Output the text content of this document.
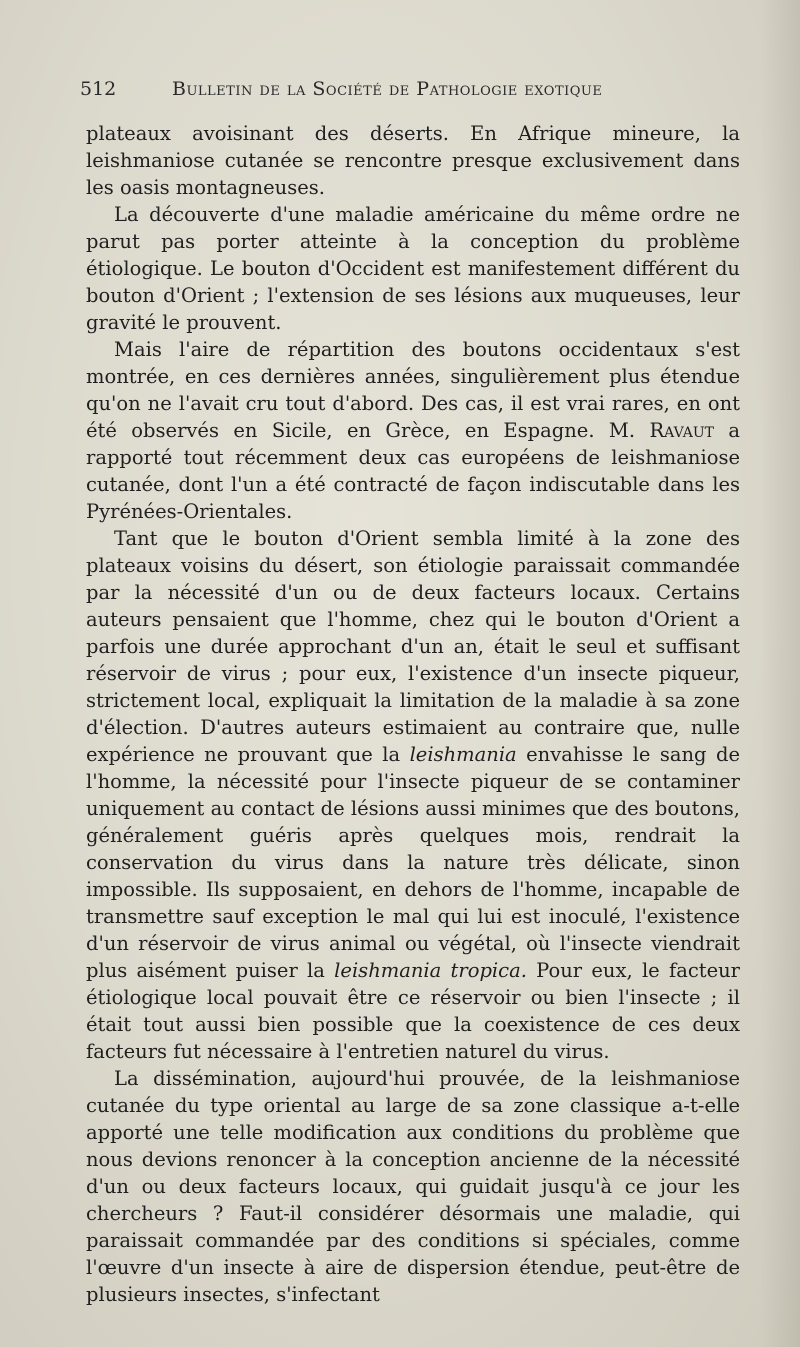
512	Bulletin de la Société de Pathologie exotique

plateaux avoisinant des déserts. En Afrique mineure, la leishmaniose cutanée se rencontre presque exclusivement dans les oasis montagneuses.

La découverte d'une maladie américaine du même ordre ne parut pas porter atteinte à la conception du problème étiologique. Le bouton d'Occident est manifestement différent du bouton d'Orient ; l'extension de ses lésions aux muqueuses, leur gravité le prouvent.

Mais l'aire de répartition des boutons occidentaux s'est montrée, en ces dernières années, singulièrement plus étendue qu'on ne l'avait cru tout d'abord. Des cas, il est vrai rares, en ont été observés en Sicile, en Grèce, en Espagne. M. Ravaut a rapporté tout récemment deux cas européens de leishmaniose cutanée, dont l'un a été contracté de façon indiscutable dans les Pyrénées-Orientales.

Tant que le bouton d'Orient sembla limité à la zone des plateaux voisins du désert, son étiologie paraissait commandée par la nécessité d'un ou de deux facteurs locaux. Certains auteurs pensaient que l'homme, chez qui le bouton d'Orient a parfois une durée approchant d'un an, était le seul et suffisant réservoir de virus ; pour eux, l'existence d'un insecte piqueur, strictement local, expliquait la limitation de la maladie à sa zone d'élection. D'autres auteurs estimaient au contraire que, nulle expérience ne prouvant que la leishmania envahisse le sang de l'homme, la nécessité pour l'insecte piqueur de se contaminer uniquement au contact de lésions aussi minimes que des boutons, généralement guéris après quelques mois, rendrait la conservation du virus dans la nature très délicate, sinon impossible. Ils supposaient, en dehors de l'homme, incapable de transmettre sauf exception le mal qui lui est inoculé, l'existence d'un réservoir de virus animal ou végétal, où l'insecte viendrait plus aisément puiser la leishmania tropica. Pour eux, le facteur étiologique local pouvait être ce réservoir ou bien l'insecte ; il était tout aussi bien possible que la coexistence de ces deux facteurs fut nécessaire à l'entretien naturel du virus.

La dissémination, aujourd'hui prouvée, de la leishmaniose cutanée du type oriental au large de sa zone classique a-t-elle apporté une telle modification aux conditions du problème que nous devions renoncer à la conception ancienne de la nécessité d'un ou deux facteurs locaux, qui guidait jusqu'à ce jour les chercheurs ? Faut-il considérer désormais une maladie, qui paraissait commandée par des conditions si spéciales, comme l'œuvre d'un insecte à aire de dispersion étendue, peut-être de plusieurs insectes, s'infectant
